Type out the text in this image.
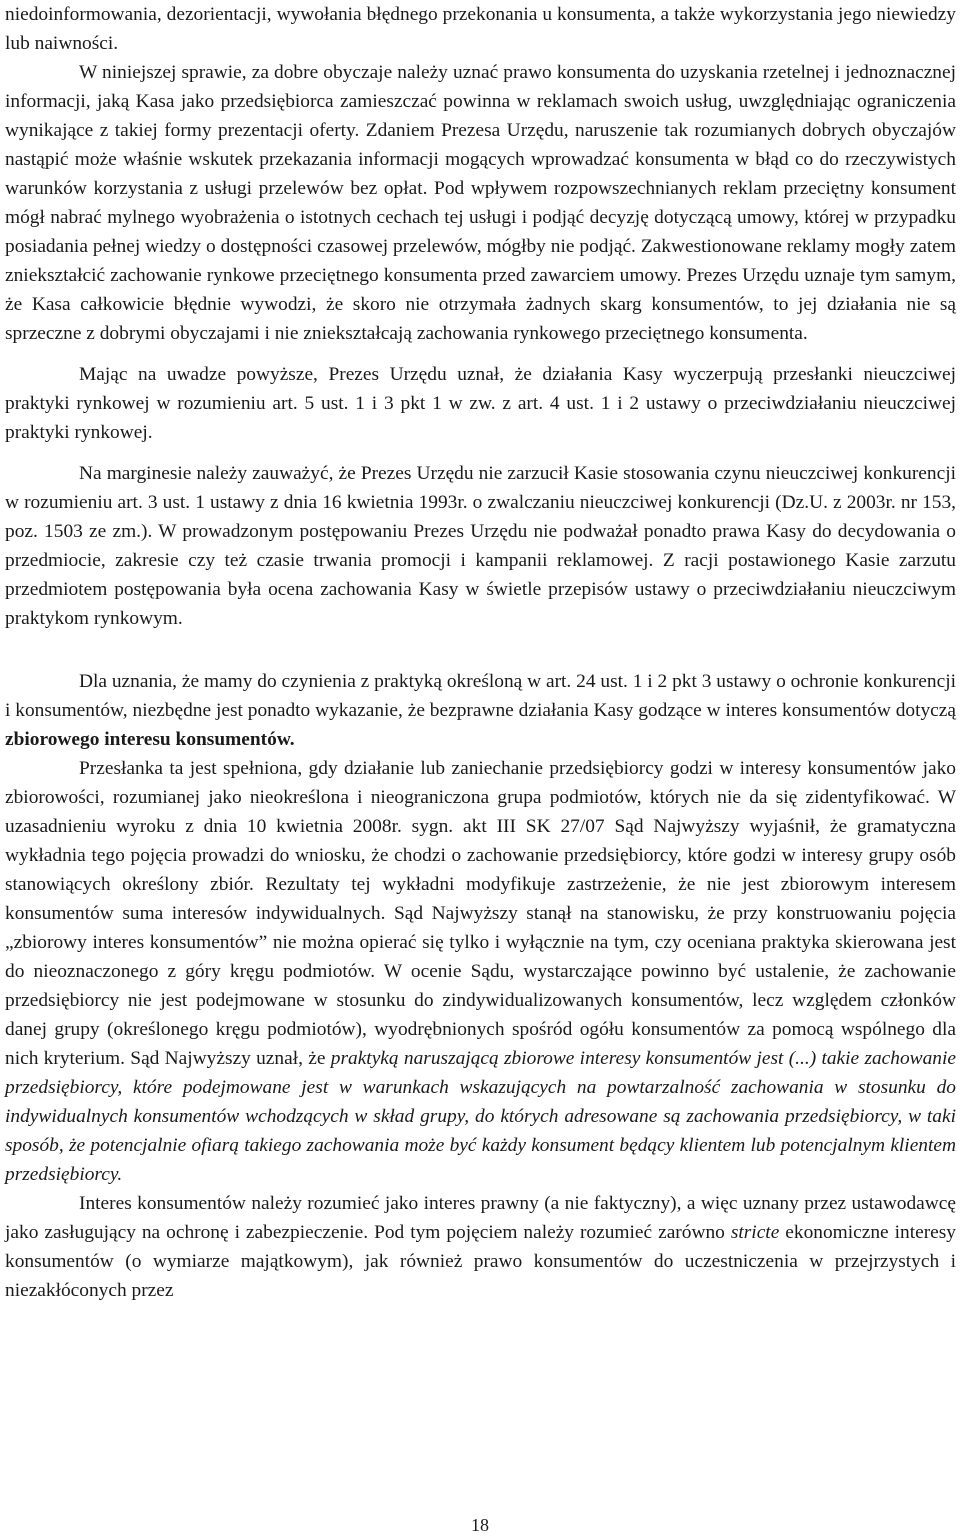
niedoinformowania, dezorientacji, wywołania błędnego przekonania u konsumenta, a także wykorzystania jego niewiedzy lub naiwności.

W niniejszej sprawie, za dobre obyczaje należy uznać prawo konsumenta do uzyskania rzetelnej i jednoznacznej informacji, jaką Kasa jako przedsiębiorca zamieszczać powinna w reklamach swoich usług, uwzględniając ograniczenia wynikające z takiej formy prezentacji oferty. Zdaniem Prezesa Urzędu, naruszenie tak rozumianych dobrych obyczajów nastąpić może właśnie wskutek przekazania informacji mogących wprowadzać konsumenta w błąd co do rzeczywistych warunków korzystania z usługi przelewów bez opłat. Pod wpływem rozpowszechnianych reklam przeciętny konsument mógł nabrać mylnego wyobrażenia o istotnych cechach tej usługi i podjąć decyzję dotyczącą umowy, której w przypadku posiadania pełnej wiedzy o dostępności czasowej przelewów, mógłby nie podjąć. Zakwestionowane reklamy mogły zatem zniekształcić zachowanie rynkowe przeciętnego konsumenta przed zawarciem umowy. Prezes Urzędu uznaje tym samym, że Kasa całkowicie błędnie wywodzi, że skoro nie otrzymała żadnych skarg konsumentów, to jej działania nie są sprzeczne z dobrymi obyczajami i nie zniekształcają zachowania rynkowego przeciętnego konsumenta.

Mając na uwadze powyższe, Prezes Urzędu uznał, że działania Kasy wyczerpują przesłanki nieuczciwej praktyki rynkowej w rozumieniu art. 5 ust. 1 i 3 pkt 1 w zw. z art. 4 ust. 1 i 2 ustawy o przeciwdziałaniu nieuczciwej praktyki rynkowej.

Na marginesie należy zauważyć, że Prezes Urzędu nie zarzucił Kasie stosowania czynu nieuczciwej konkurencji w rozumieniu art. 3 ust. 1 ustawy z dnia 16 kwietnia 1993r. o zwalczaniu nieuczciwej konkurencji (Dz.U. z 2003r. nr 153, poz. 1503 ze zm.). W prowadzonym postępowaniu Prezes Urzędu nie podważał ponadto prawa Kasy do decydowania o przedmiocie, zakresie czy też czasie trwania promocji i kampanii reklamowej. Z racji postawionego Kasie zarzutu przedmiotem postępowania była ocena zachowania Kasy w świetle przepisów ustawy o przeciwdziałaniu nieuczciwym praktykom rynkowym.

Dla uznania, że mamy do czynienia z praktyką określoną w art. 24 ust. 1 i 2 pkt 3 ustawy o ochronie konkurencji i konsumentów, niezbędne jest ponadto wykazanie, że bezprawne działania Kasy godzące w interes konsumentów dotyczą zbiorowego interesu konsumentów.

Przesłanka ta jest spełniona, gdy działanie lub zaniechanie przedsiębiorcy godzi w interesy konsumentów jako zbiorowości, rozumianej jako nieokreślona i nieograniczona grupa podmiotów, których nie da się zidentyfikować. W uzasadnieniu wyroku z dnia 10 kwietnia 2008r. sygn. akt III SK 27/07 Sąd Najwyższy wyjaśnił, że gramatyczna wykładnia tego pojęcia prowadzi do wniosku, że chodzi o zachowanie przedsiębiorcy, które godzi w interesy grupy osób stanowiących określony zbiór. Rezultaty tej wykładni modyfikuje zastrzeżenie, że nie jest zbiorowym interesem konsumentów suma interesów indywidualnych. Sąd Najwyższy stanął na stanowisku, że przy konstruowaniu pojęcia „zbiorowy interes konsumentów” nie można opierać się tylko i wyłącznie na tym, czy oceniana praktyka skierowana jest do nieoznaczonego z góry kręgu podmiotów. W ocenie Sądu, wystarczające powinno być ustalenie, że zachowanie przedsiębiorcy nie jest podejmowane w stosunku do zindywidualizowanych konsumentów, lecz względem członków danej grupy (określonego kręgu podmiotów), wyodrębnionych spośród ogółu konsumentów za pomocą wspólnego dla nich kryterium. Sąd Najwyższy uznał, że praktyką naruszającą zbiorowe interesy konsumentów jest (...) takie zachowanie przedsiębiorcy, które podejmowane jest w warunkach wskazujących na powtarzalność zachowania w stosunku do indywidualnych konsumentów wchodzących w skład grupy, do których adresowane są zachowania przedsiębiorcy, w taki sposób, że potencjalnie ofiarą takiego zachowania może być każdy konsument będący klientem lub potencjalnym klientem przedsiębiorcy.

Interes konsumentów należy rozumieć jako interes prawny (a nie faktyczny), a więc uznany przez ustawodawcę jako zasługujący na ochronę i zabezpieczenie. Pod tym pojęciem należy rozumieć zarówno stricte ekonomiczne interesy konsumentów (o wymiarze majątkowym), jak również prawo konsumentów do uczestniczenia w przejrzystych i niezakłóconych przez

18
